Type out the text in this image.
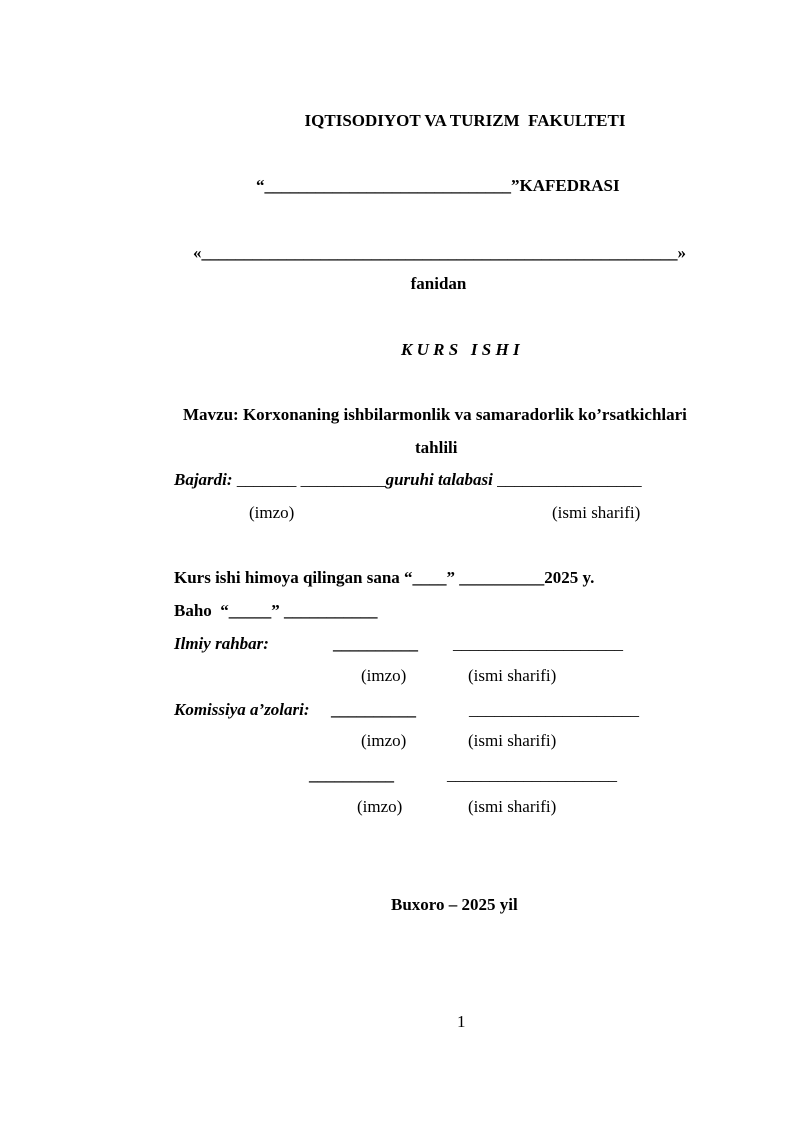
IQTISODIYOT VA TURIZM  FAKULTETI
“_____________________________”KAFEDRASI
«________________________________________________________»
fanidan
K U R S   I S H I
Mavzu: Korxonaning ishbilarmonlik va samaradorlik ko’rsatkichlari
tahlili
Bajardi: _______ __________guruhi talabasi _________________
(imzo)	(ismi sharifi)
Kurs ishi himoya qilingan sana “____” __________2025 y.
Baho  “_____” ___________
Ilmiy rahbar:	__________ ____________________
(imzo)	(ismi sharifi)
Komissiya a’zolari: __________	____________________
(imzo)	(ismi sharifi)
__________	____________________
(imzo)	(ismi sharifi)
Buxoro – 2025 yil
1
